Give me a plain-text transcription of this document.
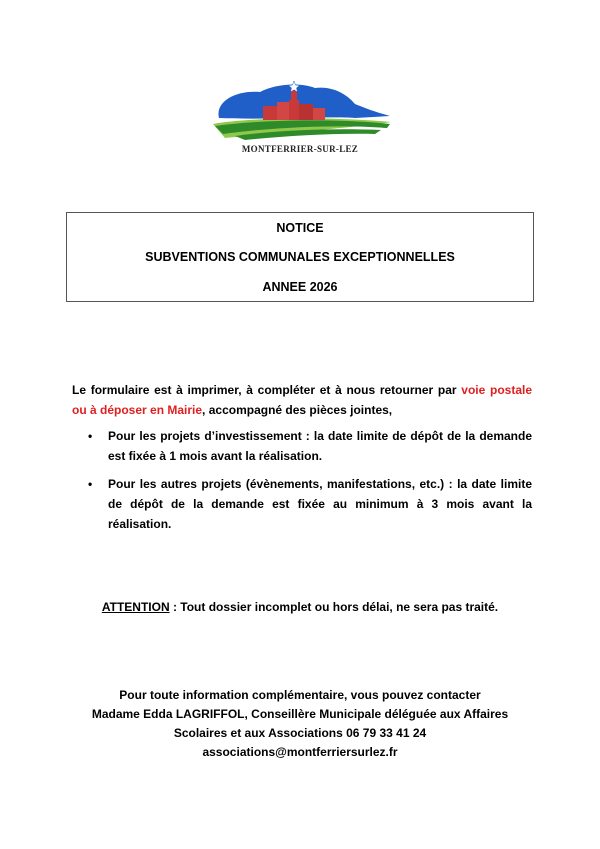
MONTFERRIER-SUR-LEZ
NOTICE
SUBVENTIONS COMMUNALES EXCEPTIONNELLES
ANNEE 2026
Le formulaire est à imprimer, à compléter et à nous retourner par voie postale ou à déposer en Mairie, accompagné des pièces jointes,
• Pour les projets d’investissement : la date limite de dépôt de la demande est fixée à 1 mois avant la réalisation.
• Pour les autres projets (évènements, manifestations, etc.) : la date limite de dépôt de la demande est fixée au minimum à 3 mois avant la réalisation.
ATTENTION : Tout dossier incomplet ou hors délai, ne sera pas traité.
Pour toute information complémentaire, vous pouvez contacter
Madame Edda LAGRIFFOL, Conseillère Municipale déléguée aux Affaires
Scolaires et aux Associations 06 79 33 41 24
associations@montferriersurlez.fr
